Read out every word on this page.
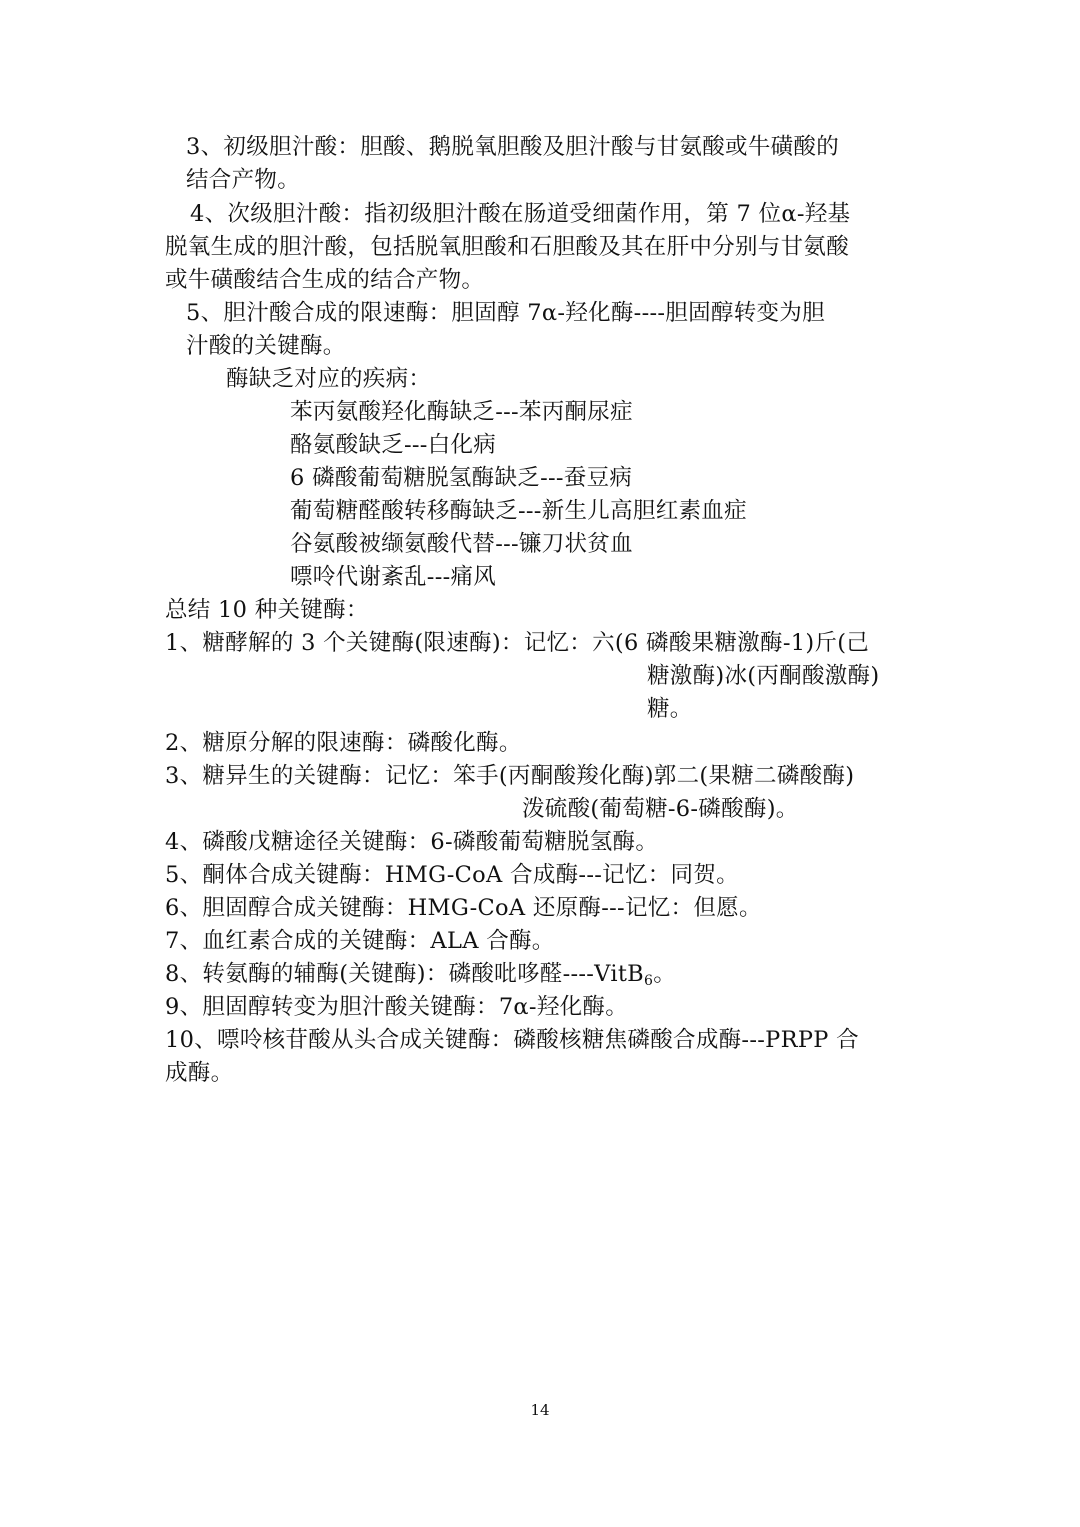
3、初级胆汁酸：胆酸、鹅脱氧胆酸及胆汁酸与甘氨酸或牛磺酸的
结合产物。
4、次级胆汁酸：指初级胆汁酸在肠道受细菌作用，第 7 位α-羟基
脱氧生成的胆汁酸，包括脱氧胆酸和石胆酸及其在肝中分别与甘氨酸
或牛磺酸结合生成的结合产物。
5、胆汁酸合成的限速酶：胆固醇 7α-羟化酶----胆固醇转变为胆
汁酸的关键酶。
酶缺乏对应的疾病：
苯丙氨酸羟化酶缺乏---苯丙酮尿症
酪氨酸缺乏---白化病
6 磷酸葡萄糖脱氢酶缺乏---蚕豆病
葡萄糖醛酸转移酶缺乏---新生儿高胆红素血症
谷氨酸被缬氨酸代替---镰刀状贫血
嘌呤代谢紊乱---痛风
总结 10 种关键酶：
1、糖酵解的 3 个关键酶(限速酶)：记忆：六(6 磷酸果糖激酶-1)斤(己
糖激酶)冰(丙酮酸激酶)
糖。
2、糖原分解的限速酶：磷酸化酶。
3、糖异生的关键酶：记忆：笨手(丙酮酸羧化酶)郭二(果糖二磷酸酶)
泼硫酸(葡萄糖-6-磷酸酶)。
4、磷酸戊糖途径关键酶：6-磷酸葡萄糖脱氢酶。
5、酮体合成关键酶：HMG-CoA 合成酶---记忆：同贺。
6、胆固醇合成关键酶：HMG-CoA 还原酶---记忆：但愿。
7、血红素合成的关键酶：ALA 合酶。
8、转氨酶的辅酶(关键酶)：磷酸吡哆醛----VitB$_6$。
9、胆固醇转变为胆汁酸关键酶：7α-羟化酶。
10、嘌呤核苷酸从头合成关键酶：磷酸核糖焦磷酸合成酶---PRPP 合
成酶。
14
